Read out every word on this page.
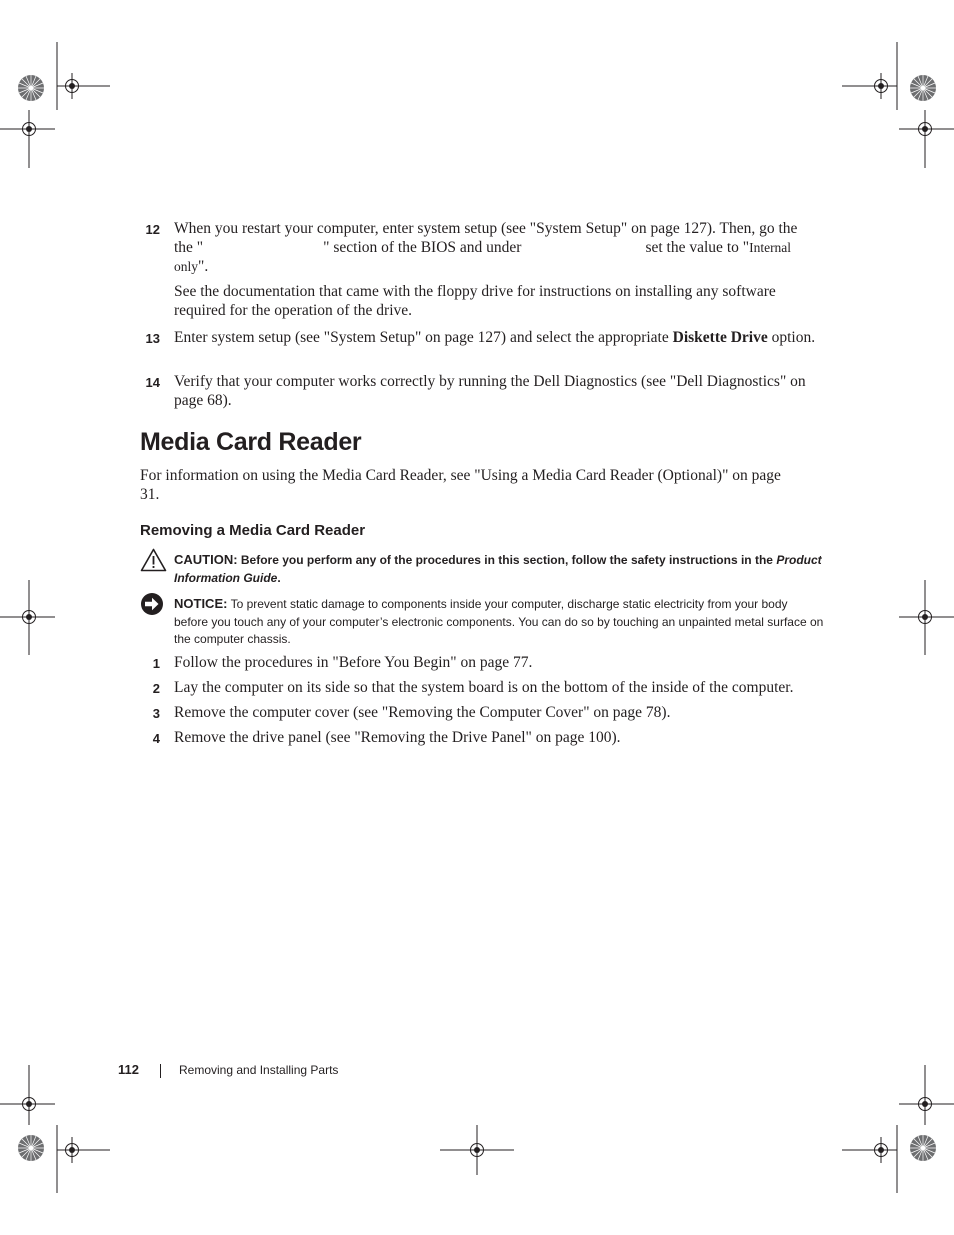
12 When you restart your computer, enter system setup (see "System Setup" on page 127). Then, go the the "	" section of the BIOS and under	set the value to "Internal only".
See the documentation that came with the floppy drive for instructions on installing any software required for the operation of the drive.
13 Enter system setup (see "System Setup" on page 127) and select the appropriate Diskette Drive option.
14 Verify that your computer works correctly by running the Dell Diagnostics (see "Dell Diagnostics" on page 68).
Media Card Reader
For information on using the Media Card Reader, see "Using a Media Card Reader (Optional)" on page 31.
Removing a Media Card Reader
CAUTION: Before you perform any of the procedures in this section, follow the safety instructions in the Product Information Guide.
NOTICE: To prevent static damage to components inside your computer, discharge static electricity from your body before you touch any of your computer’s electronic components. You can do so by touching an unpainted metal surface on the computer chassis.
1 Follow the procedures in "Before You Begin" on page 77.
2 Lay the computer on its side so that the system board is on the bottom of the inside of the computer.
3 Remove the computer cover (see "Removing the Computer Cover" on page 78).
4 Remove the drive panel (see "Removing the Drive Panel" on page 100).
112	Removing and Installing Parts
